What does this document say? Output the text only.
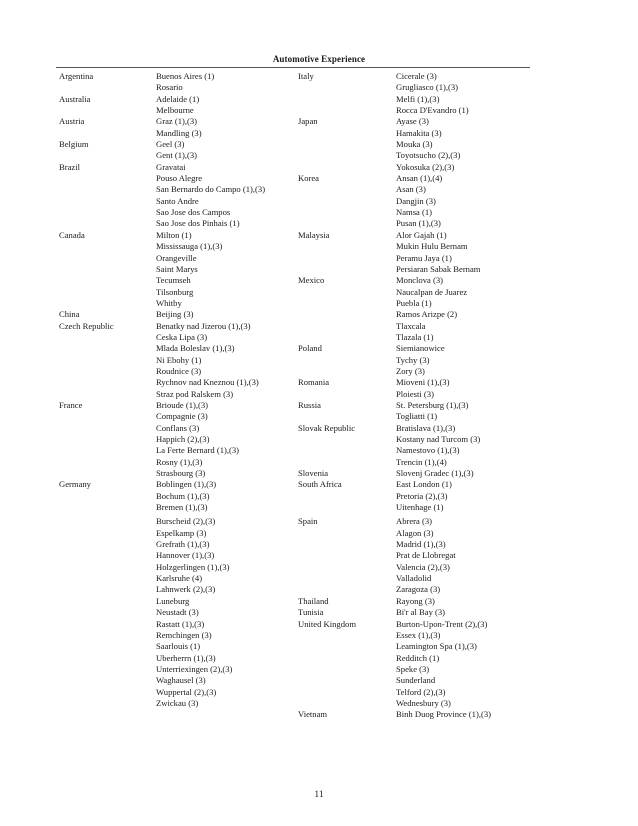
Automotive Experience
Argentina	Buenos Aires (1)
Rosario
Australia	Adelaide (1)
Melbourne
Austria	Graz (1),(3)
Mandling (3)
Belgium	Geel (3)
Gent (1),(3)
Brazil	Gravatai
Pouso Alegre
San Bernardo do Campo (1),(3)
Santo Andre
Sao Jose dos Campos
Sao Jose dos Pinhais (1)
Canada	Milton (1)
Mississauga (1),(3)
Orangeville
Saint Marys
Tecumseh
Tilsonburg
Whitby
China	Beijing (3)
Czech Republic	Benatky nad Jizerou (1),(3)
Ceska Lipa (3)
Mlada Boleslav (1),(3)
Ni Ebohy (1)
Roudnice (3)
Rychnov nad Kneznou (1),(3)
Straz pod Ralskem (3)
France	Brioude (1),(3)
Compagnie (3)
Conflans (3)
Happich (2),(3)
La Ferte Bernard (1),(3)
Rosny (1),(3)
Strasbourg (3)
Germany	Boblingen (1),(3)
Bochum (1),(3)
Bremen (1),(3)
Burscheid (2),(3)
Espelkamp (3)
Grefrath (1),(3)
Hannover (1),(3)
Holzgerlingen (1),(3)
Karlsruhe (4)
Lahnwerk (2),(3)
Luneburg
Neustadt (3)
Rastatt (1),(3)
Remchingen (3)
Saarlouis (1)
Uberherrn (1),(3)
Unterriexingen (2),(3)
Waghausel (3)
Wuppertal (2),(3)
Zwickau (3)
Italy	Cicerale (3)
Grugliasco (1),(3)
Melfi (1),(3)
Rocca D'Evandro (1)
Japan	Ayase (3)
Hamakita (3)
Mouka (3)
Toyotsucho (2),(3)
Yokosuka (2),(3)
Korea	Ansan (1),(4)
Asan (3)
Dangjin (3)
Namsa (1)
Pusan (1),(3)
Malaysia	Alor Gajah (1)
Mukin Hulu Bernam
Peramu Jaya (1)
Persiaran Sabak Bernam
Mexico	Monclova (3)
Naucalpan de Juarez
Puebla (1)
Ramos Arizpe (2)
Tlaxcala
Tlazala (1)
Poland	Siemianowice
Tychy (3)
Zory (3)
Romania	Mioveni (1),(3)
Ploiesti (3)
Russia	St. Petersburg (1),(3)
Togliatti (1)
Slovak Republic	Bratislava (1),(3)
Kostany nad Turcom (3)
Namestovo (1),(3)
Trencin (1),(4)
Slovenia	Slovenj Gradec (1),(3)
South Africa	East London (1)
Pretoria (2),(3)
Uitenhage (1)
Spain	Abrera (3)
Alagon (3)
Madrid (1),(3)
Prat de Llobregat
Valencia (2),(3)
Valladolid
Zaragoza (3)
Thailand	Rayong (3)
Tunisia	Bi'r al Bay (3)
United Kingdom	Burton-Upon-Trent (2),(3)
Essex (1),(3)
Leamington Spa (1),(3)
Redditch (1)
Speke (3)
Sunderland
Telford (2),(3)
Wednesbury (3)
Vietnam	Binh Duog Province (1),(3)
11
